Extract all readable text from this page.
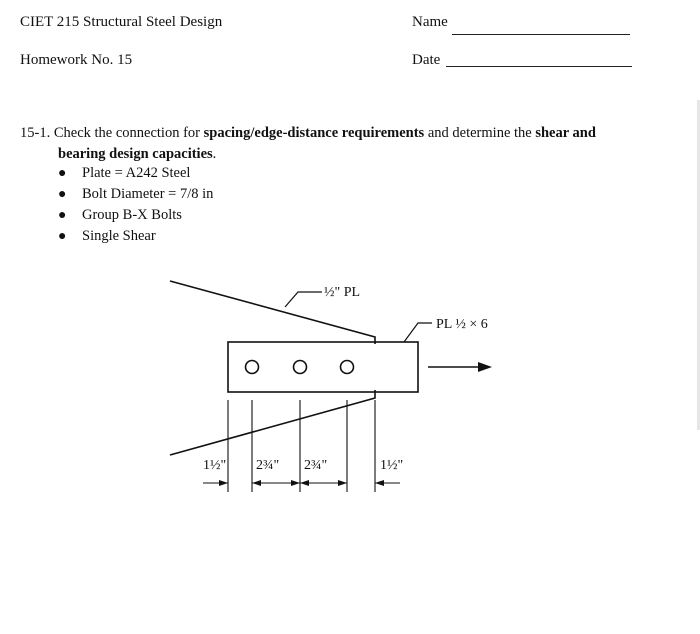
CIET 215 Structural Steel Design
Homework No. 15
Name
Date
15-1. Check the connection for spacing/edge-distance requirements and determine the shear and
bearing design capacities.
●	Plate = A242 Steel
●	Bolt Diameter = 7/8 in
●	Group B-X Bolts
●	Single Shear
½" PL
PL ½ × 6
1½" 2¾" 2¾"	1½"
